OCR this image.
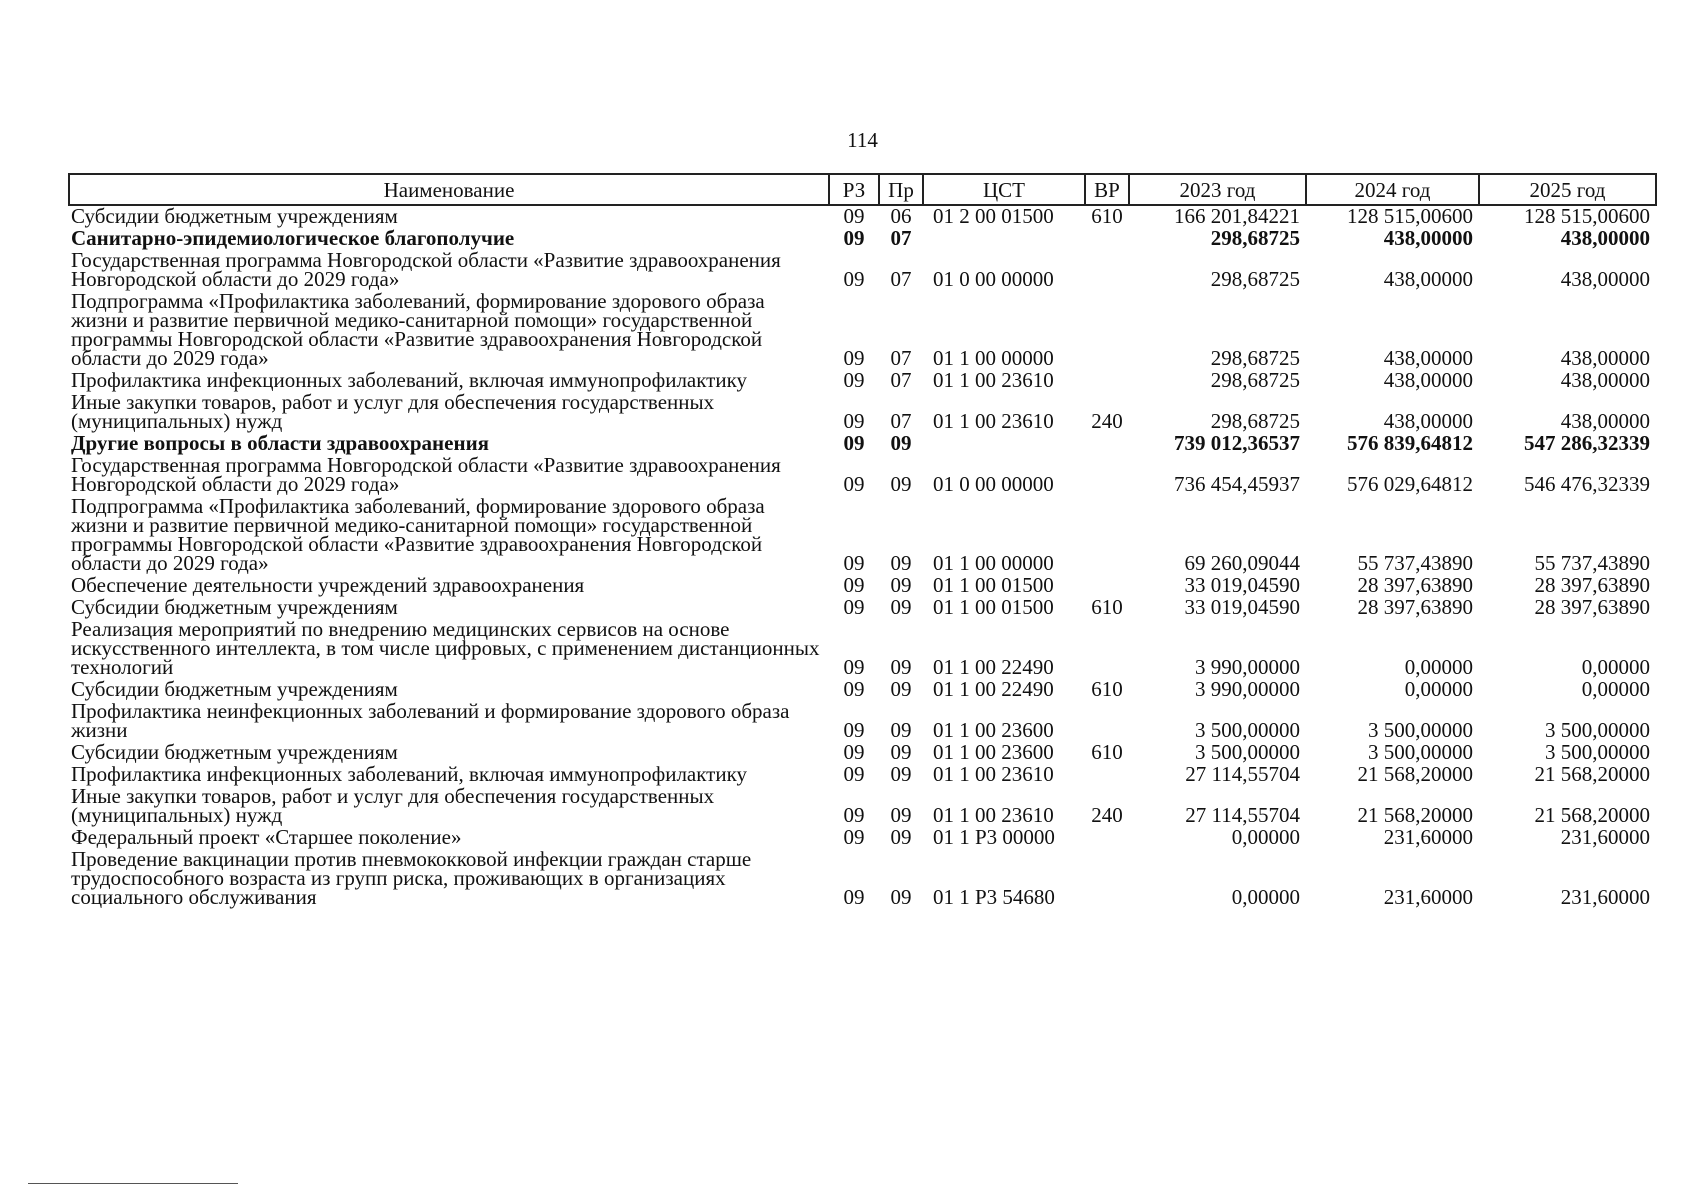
114
Наименование	РЗ	Пр	ЦСТ	ВР	2023 год	2024 год	2025 год
Субсидии бюджетным учреждениям	09	06	01 2 00 01500	610	166 201,84221	128 515,00600	128 515,00600
Санитарно-эпидемиологическое благополучие	09	07			298,68725	438,00000	438,00000
Государственная программа Новгородской области «Развитие здравоохранения Новгородской области до 2029 года»	09	07	01 0 00 00000		298,68725	438,00000	438,00000
Подпрограмма «Профилактика заболеваний, формирование здорового образа жизни и развитие первичной медико-санитарной помощи» государственной программы Новгородской области «Развитие здравоохранения Новгородской области до 2029 года»	09	07	01 1 00 00000		298,68725	438,00000	438,00000
Профилактика инфекционных заболеваний, включая иммунопрофилактику	09	07	01 1 00 23610		298,68725	438,00000	438,00000
Иные закупки товаров, работ и услуг для обеспечения государственных (муниципальных) нужд	09	07	01 1 00 23610	240	298,68725	438,00000	438,00000
Другие вопросы в области здравоохранения	09	09			739 012,36537	576 839,64812	547 286,32339
Государственная программа Новгородской области «Развитие здравоохранения Новгородской области до 2029 года»	09	09	01 0 00 00000		736 454,45937	576 029,64812	546 476,32339
Подпрограмма «Профилактика заболеваний, формирование здорового образа жизни и развитие первичной медико-санитарной помощи» государственной программы Новгородской области «Развитие здравоохранения Новгородской области до 2029 года»	09	09	01 1 00 00000		69 260,09044	55 737,43890	55 737,43890
Обеспечение деятельности учреждений здравоохранения	09	09	01 1 00 01500		33 019,04590	28 397,63890	28 397,63890
Субсидии бюджетным учреждениям	09	09	01 1 00 01500	610	33 019,04590	28 397,63890	28 397,63890
Реализация мероприятий по внедрению медицинских сервисов на основе искусственного интеллекта, в том числе цифровых, с применением дистанционных технологий	09	09	01 1 00 22490		3 990,00000	0,00000	0,00000
Субсидии бюджетным учреждениям	09	09	01 1 00 22490	610	3 990,00000	0,00000	0,00000
Профилактика неинфекционных заболеваний и формирование здорового образа жизни	09	09	01 1 00 23600		3 500,00000	3 500,00000	3 500,00000
Субсидии бюджетным учреждениям	09	09	01 1 00 23600	610	3 500,00000	3 500,00000	3 500,00000
Профилактика инфекционных заболеваний, включая иммунопрофилактику	09	09	01 1 00 23610		27 114,55704	21 568,20000	21 568,20000
Иные закупки товаров, работ и услуг для обеспечения государственных (муниципальных) нужд	09	09	01 1 00 23610	240	27 114,55704	21 568,20000	21 568,20000
Федеральный проект «Старшее поколение»	09	09	01 1 P3 00000		0,00000	231,60000	231,60000
Проведение вакцинации против пневмококковой инфекции граждан старше трудоспособного возраста из групп риска, проживающих в организациях социального обслуживания	09	09	01 1 P3 54680		0,00000	231,60000	231,60000
